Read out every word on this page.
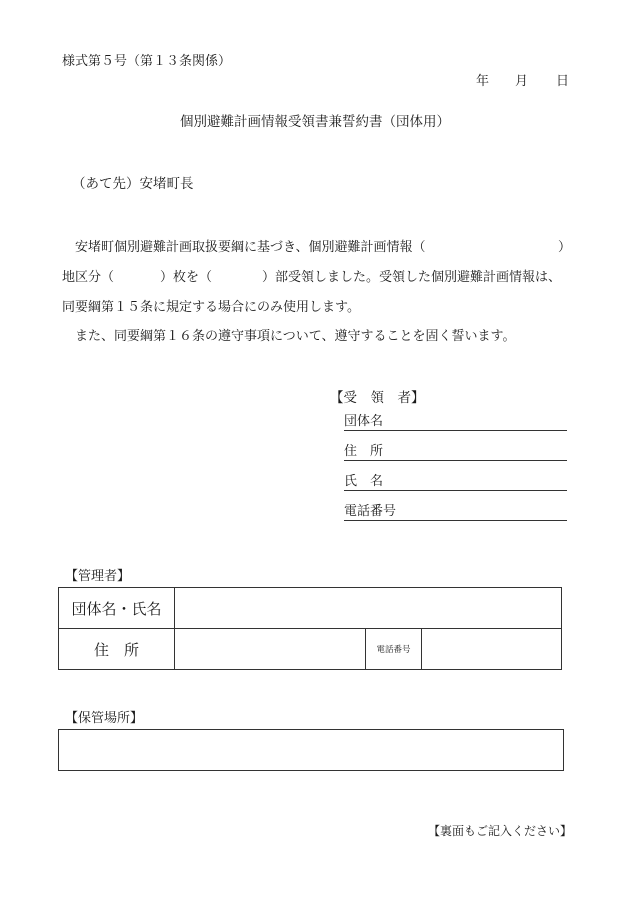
様式第５号（第１３条関係）
年 月 日
個別避難計画情報受領書兼誓約書（団体用）
（あて先）安堵町長
安堵町個別避難計画取扱要綱に基づき、個別避難計画情報（	）
地区分（	）枚を（	）部受領しました。受領した個別避難計画情報は、
同要綱第１５条に規定する場合にのみ使用します。
また、同要綱第１６条の遵守事項について、遵守することを固く誓います。
【受　領　者】
団体名
住　所
氏　名
電話番号
【管理者】
団体名・氏名			
住　所		電話番号	
【保管場所】
【裏面もご記入ください】
